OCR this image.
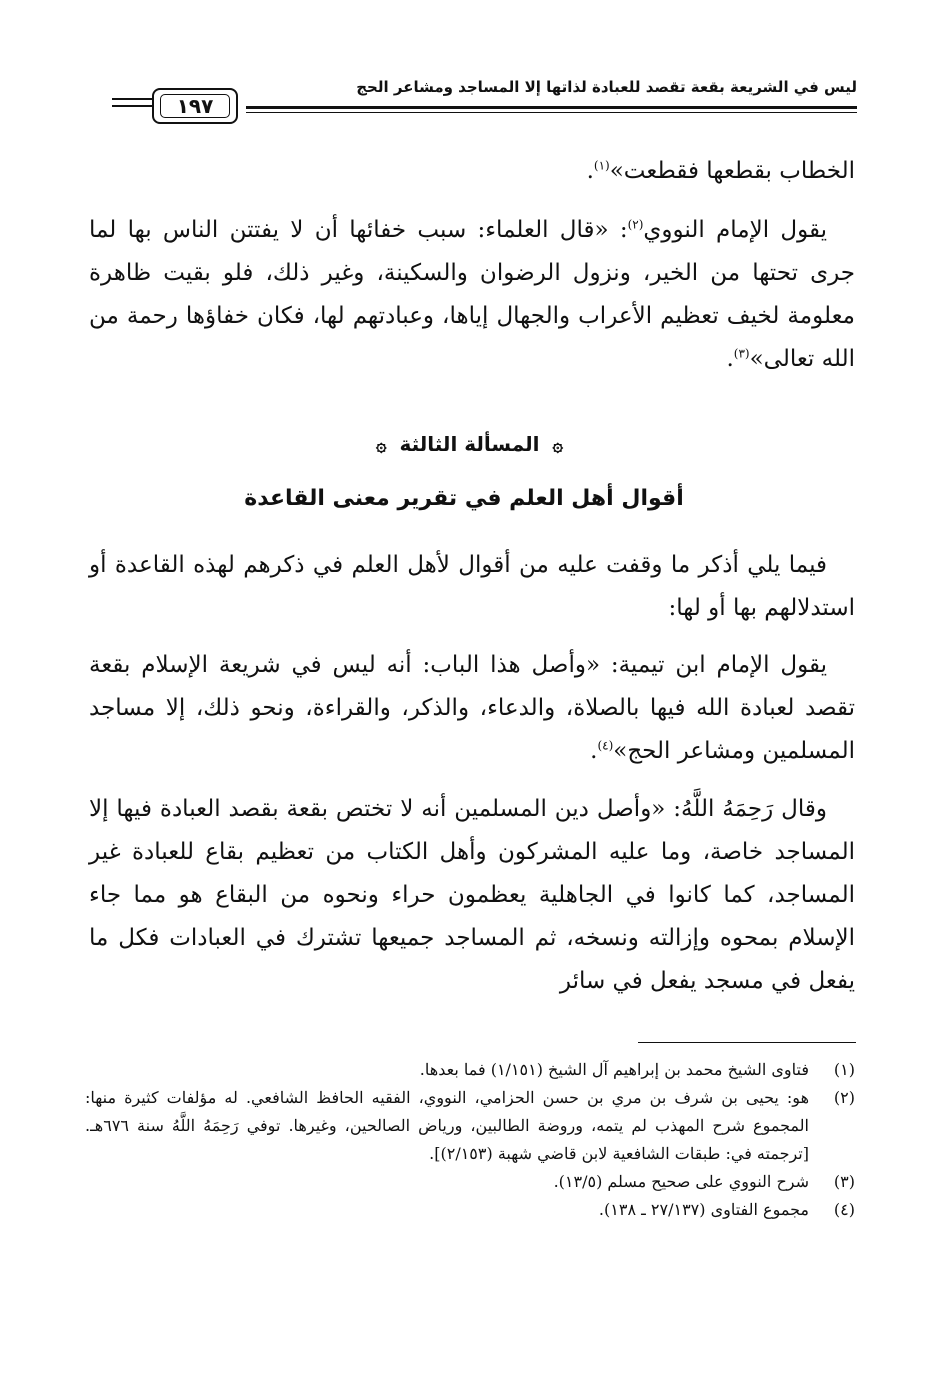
ليس في الشريعة بقعة تقصد للعبادة لذاتها إلا المساجد ومشاعر الحج
١٩٧
الخطاب بقطعها فقطعت»$^{(١)}$.
يقول الإمام النووي$^{(٢)}$: «قال العلماء: سبب خفائها أن لا يفتتن الناس بها لما جرى تحتها من الخير، ونزول الرضوان والسكينة، وغير ذلك، فلو بقيت ظاهرة معلومة لخيف تعظيم الأعراب والجهال إياها، وعبادتهم لها، فكان خفاؤها رحمة من الله تعالى»$^{(٣)}$.
۞ المسألة الثالثة ۞
أقوال أهل العلم في تقرير معنى القاعدة
فيما يلي أذكر ما وقفت عليه من أقوال لأهل العلم في ذكرهم لهذه القاعدة أو استدلالهم بها أو لها:
يقول الإمام ابن تيمية: «وأصل هذا الباب: أنه ليس في شريعة الإسلام بقعة تقصد لعبادة الله فيها بالصلاة، والدعاء، والذكر، والقراءة، ونحو ذلك، إلا مساجد المسلمين ومشاعر الحج»$^{(٤)}$.
وقال رَحِمَهُ اللَّهُ: «وأصل دين المسلمين أنه لا تختص بقعة بقصد العبادة فيها إلا المساجد خاصة، وما عليه المشركون وأهل الكتاب من تعظيم بقاع للعبادة غير المساجد، كما كانوا في الجاهلية يعظمون حراء ونحوه من البقاع هو مما جاء الإسلام بمحوه وإزالته ونسخه، ثم المساجد جميعها تشترك في العبادات فكل ما يفعل في مسجد يفعل في سائر
(١)
فتاوى الشيخ محمد بن إبراهيم آل الشيخ (١/١٥١) فما بعدها.
(٢)
هو: يحيى بن شرف بن مري بن حسن الحزامي، النووي، الفقيه الحافظ الشافعي. له مؤلفات كثيرة منها: المجموع شرح المهذب لم يتمه، وروضة الطالبين، ورياض الصالحين، وغيرها. توفي رَحِمَهُ اللَّهُ سنة ٦٧٦هـ. [ترجمته في: طبقات الشافعية لابن قاضي شهبة (٢/١٥٣)].
(٣)
شرح النووي على صحيح مسلم (١٣/٥).
(٤)
مجموع الفتاوى (٢٧/١٣٧ ـ ١٣٨).
